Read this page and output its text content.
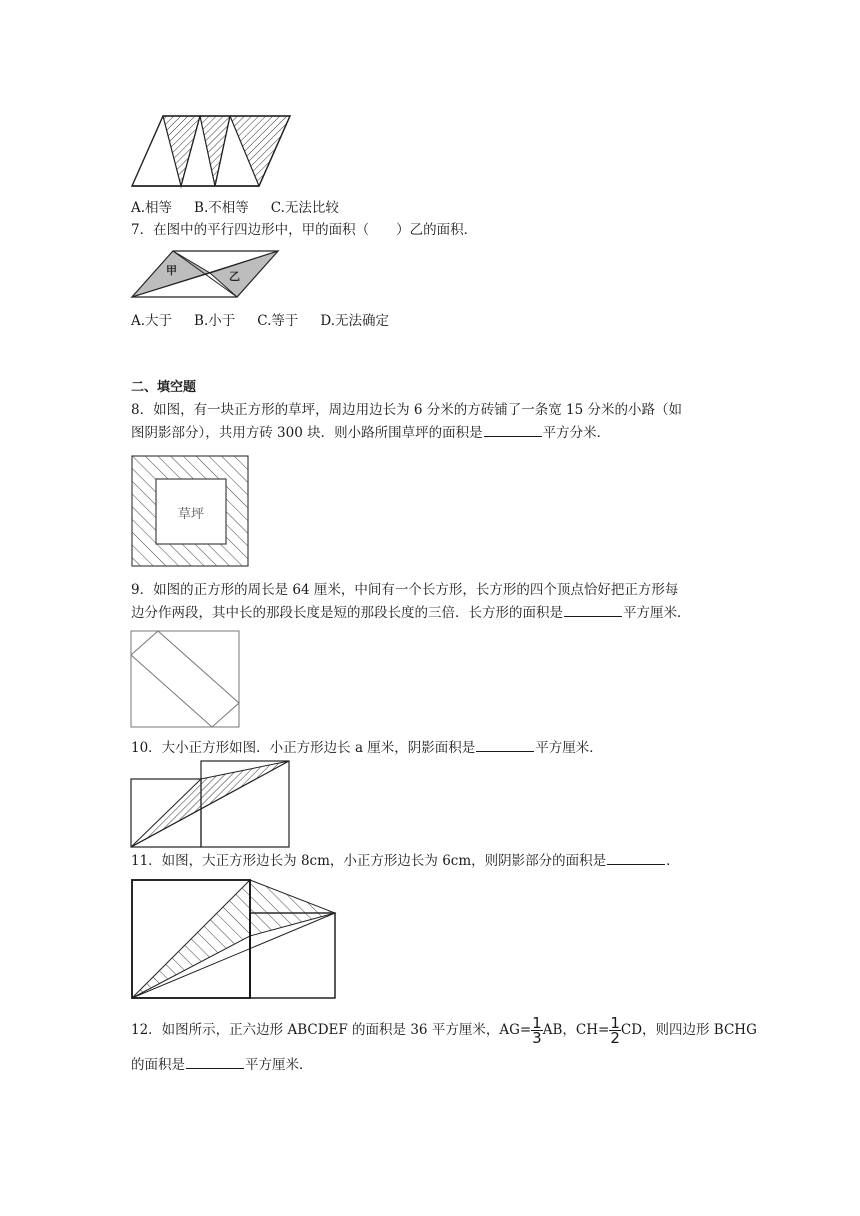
A.相等 B.不相等 C.无法比较
7．在图中的平行四边形中，甲的面积（　　）乙的面积．
甲	乙
A.大于 B.小于 C.等于 D.无法确定
二、填空题
8．如图，有一块正方形的草坪，周边用边长为 6 分米的方砖铺了一条宽 15 分米的小路（如
图阴影部分），共用方砖 300 块．则小路所围草坪的面积是	平方分米．
草坪
9．如图的正方形的周长是 64 厘米，中间有一个长方形，长方形的四个顶点恰好把正方形每
边分作两段，其中长的那段长度是短的那段长度的三倍．长方形的面积是	平方厘米．
10．大小正方形如图．小正方形边长 a 厘米，阴影面积是	平方厘米．
11．如图，大正方形边长为 8cm，小正方形边长为 6cm，则阴影部分的面积是	．
12．如图所示，正六边形 ABCDEF 的面积是 36 平方厘米，$AG= \frac{1}{3}$ AB，$CH= \frac{1}{2}$ CD，则四边形 BCHG
的面积是	平方厘米．
